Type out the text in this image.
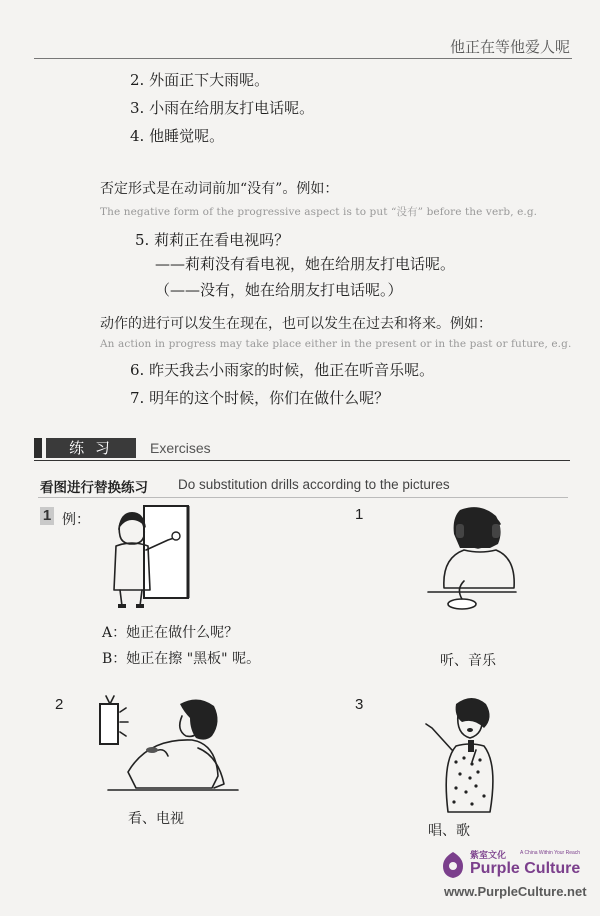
他正在等他爱人呢
2. 外面正下大雨呢。
3. 小雨在给朋友打电话呢。
4. 他睡觉呢。
否定形式是在动词前加“没有”。例如：
The negative form of the progressive aspect is to put “没有” before the verb, e.g.
5. 莉莉正在看电视吗？
——莉莉没有看电视，她在给朋友打电话呢。
（——没有，她在给朋友打电话呢。）
动作的进行可以发生在现在，也可以发生在过去和将来。例如：
An action in progress may take place either in the present or in the past or future, e.g.
6. 昨天我去小雨家的时候，他正在听音乐呢。
7. 明年的这个时候，你们在做什么呢？
练 习	Exercises
看图进行替换练习 Do substitution drills according to the pictures
1 例：
A：她正在做什么呢？
B：她正在擦 "黑板" 呢。
1
听、音乐
2
看、电视
3
唱、歌
紫室文化	A China Within Your Reach
Purple Culture
www.PurpleCulture.net
